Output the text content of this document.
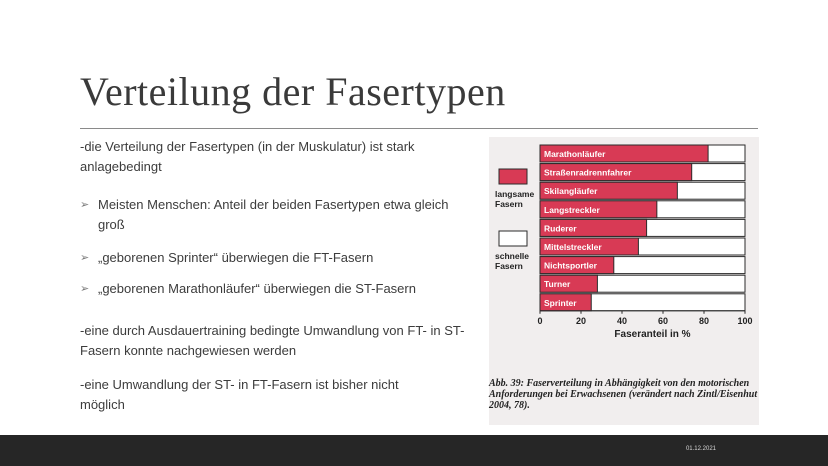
Verteilung der Fasertypen
-die Verteilung der Fasertypen (in der Muskulatur) ist stark anlagebedingt
➢ Meisten Menschen: Anteil der beiden Fasertypen etwa gleich groß
➢ „geborenen Sprinter“ überwiegen die FT-Fasern
➢ „geborenen Marathonläufer“ überwiegen die ST-Fasern
-eine durch Ausdauertraining bedingte Umwandlung von FT- in ST-Fasern konnte nachgewiesen werden
-eine Umwandlung der ST- in FT-Fasern ist bisher nicht möglich
Marathonläufer
Straßenradrennfahrer
Skilangläufer
Langstreckler
Ruderer
Mittelstreckler
Nichtsportler
Turner
Sprinter
0	20	40	60	80	100
Faseranteil in %
langsame
Fasern
schnelle
Fasern
Abb. 39: Faserverteilung in Abhängigkeit von den motorischen Anforderungen bei Erwachsenen (verändert nach Zintl/Eisenhut 2004, 78).
01.12.2021
